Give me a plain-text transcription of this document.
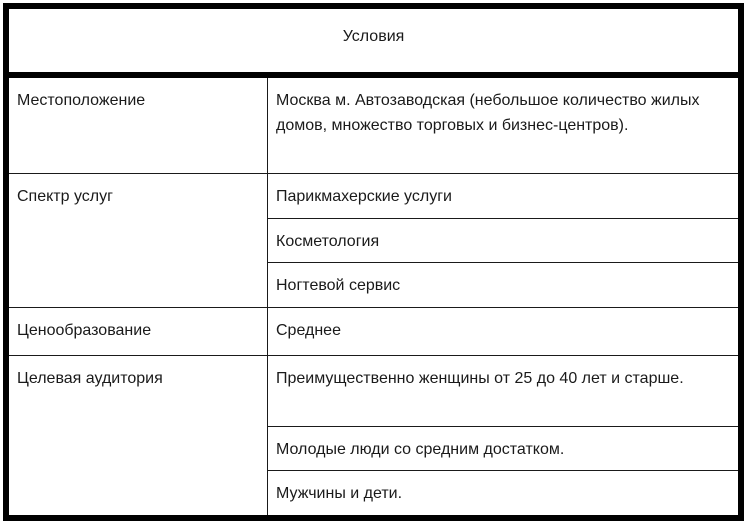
Условия
Местоположение	Москва м. Автозаводская (небольшое количество жилых домов, множество торговых и бизнес-центров).
Спектр услуг	Парикмахерские услуги
Косметология
Ногтевой сервис
Ценообразование	Среднее
Целевая аудитория	Преимущественно женщины от 25 до 40 лет и старше.
Молодые люди со средним достатком.
Мужчины и дети.
